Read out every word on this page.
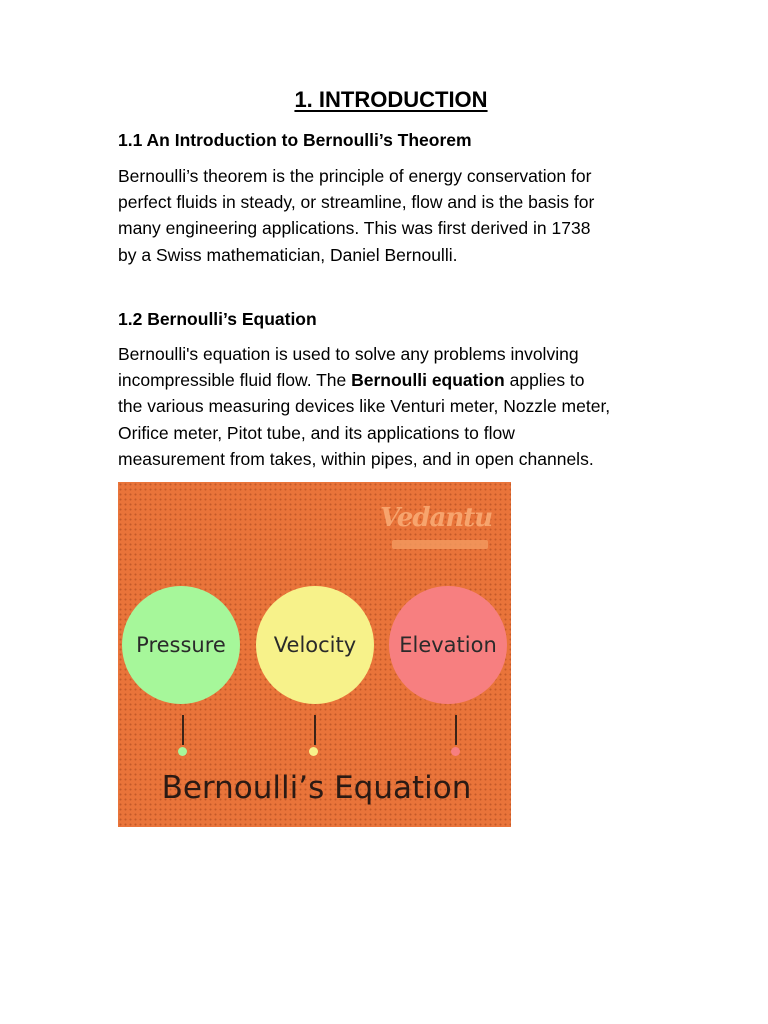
1. INTRODUCTION
1.1 An Introduction to Bernoulli’s Theorem
Bernoulli’s theorem is the principle of energy conservation for
perfect fluids in steady, or streamline, flow and is the basis for
many engineering applications. This was first derived in 1738
by a Swiss mathematician, Daniel Bernoulli.
1.2 Bernoulli’s Equation
Bernoulli's equation is used to solve any problems involving
incompressible fluid flow. The Bernoulli equation applies to
the various measuring devices like Venturi meter, Nozzle meter,
Orifice meter, Pitot tube, and its applications to flow
measurement from takes, within pipes, and in open channels.
Vedantu
Pressure Velocity Elevation
Bernoulli’s Equation
